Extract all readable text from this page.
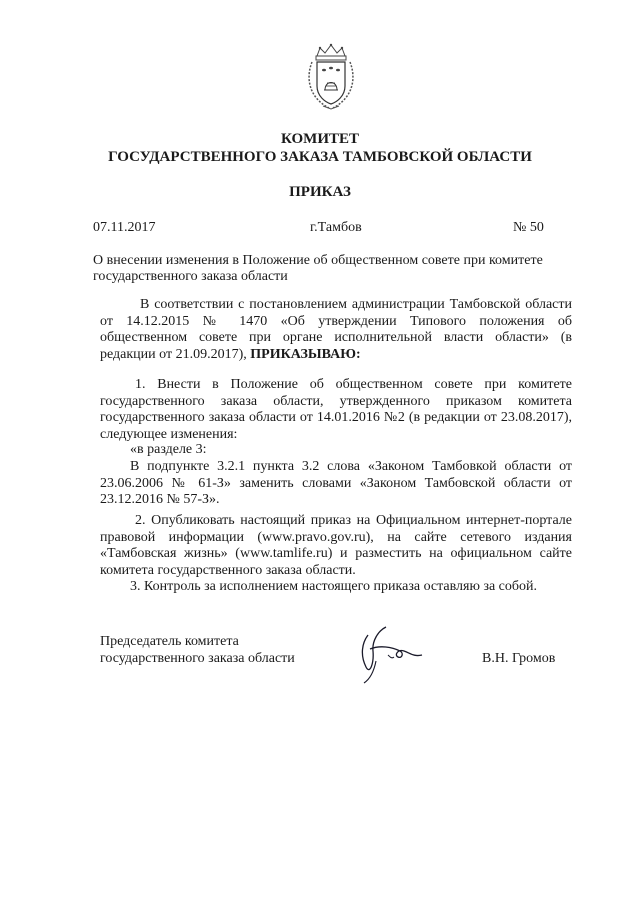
КОМИТЕТ
ГОСУДАРСТВЕННОГО ЗАКАЗА ТАМБОВСКОЙ ОБЛАСТИ
ПРИКАЗ
07.11.2017	г.Тамбов	№ 50
О внесении изменения в Положение об общественном совете при комитете
государственного заказа области
В соответствии с постановлением администрации Тамбовской области от 14.12.2015 № 1470 «Об утверждении Типового положения об общественном совете при органе исполнительной власти области» (в редакции от 21.09.2017), ПРИКАЗЫВАЮ:
1. Внести в Положение об общественном совете при комитете государственного заказа области, утвержденного приказом комитета государственного заказа области от 14.01.2016 №2 (в редакции от 23.08.2017), следующее изменения:
«в разделе 3:
В подпункте 3.2.1 пункта 3.2 слова «Законом Тамбовкой области от 23.06.2006 № 61-З» заменить словами «Законом Тамбовской области от 23.12.2016 № 57-З».
2. Опубликовать настоящий приказ на Официальном интернет-портале правовой информации (www.pravo.gov.ru), на сайте сетевого издания «Тамбовская жизнь» (www.tamlife.ru) и разместить на официальном сайте комитета государственного заказа области.
3. Контроль за исполнением настоящего приказа оставляю за собой.
Председатель комитета
государственного заказа области	В.Н. Громов
